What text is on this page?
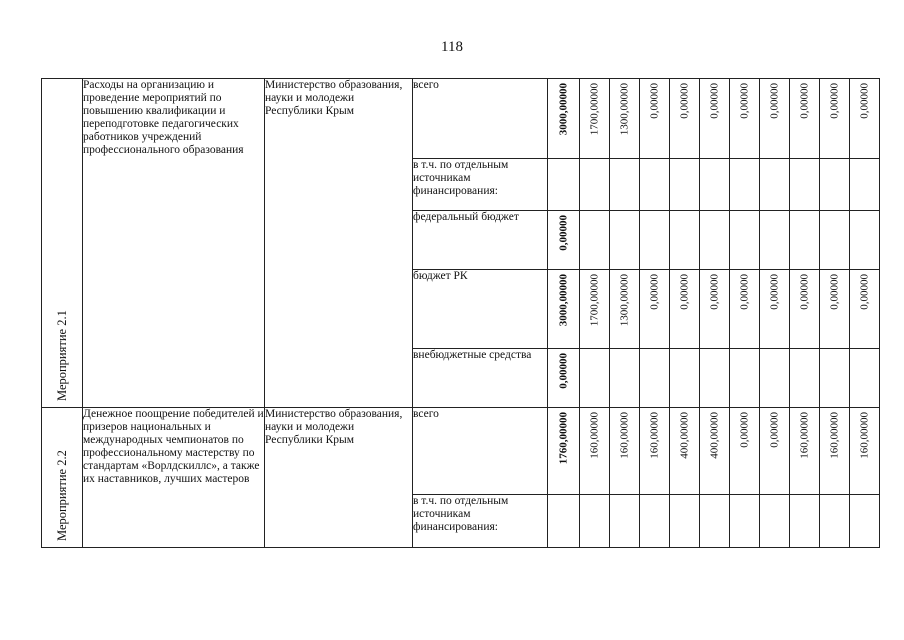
118
Мероприятие 2.1	Расходы на организацию и проведение мероприятий по повышению квалификации и переподготовке педагогических работников учреждений профессионального образования	Министерство образования, науки и молодежи Республики Крым	всего	3000,00000	1700,00000	1300,00000	0,00000	0,00000	0,00000	0,00000	0,00000	0,00000	0,00000	0,00000

			в т.ч. по отдельным источникам финансирования:	

			федеральный бюджет	0,00000										

			бюджет РК	3000,00000	1700,00000	1300,00000	0,00000	0,00000	0,00000	0,00000	0,00000	0,00000	0,00000	0,00000

			внебюджетные средства	0,00000										

Мероприятие 2.2	Денежное поощрение победителей и призеров национальных и международных чемпионатов по профессиональному мастерству по стандартам «Ворлдскиллс», а также их наставников, лучших мастеров	Министерство образования, науки и молодежи Республики Крым	всего	1760,00000	160,00000	160,00000	160,00000	400,00000	400,00000	0,00000	0,00000	160,00000	160,00000	160,00000

			в т.ч. по отдельным источникам финансирования:	
